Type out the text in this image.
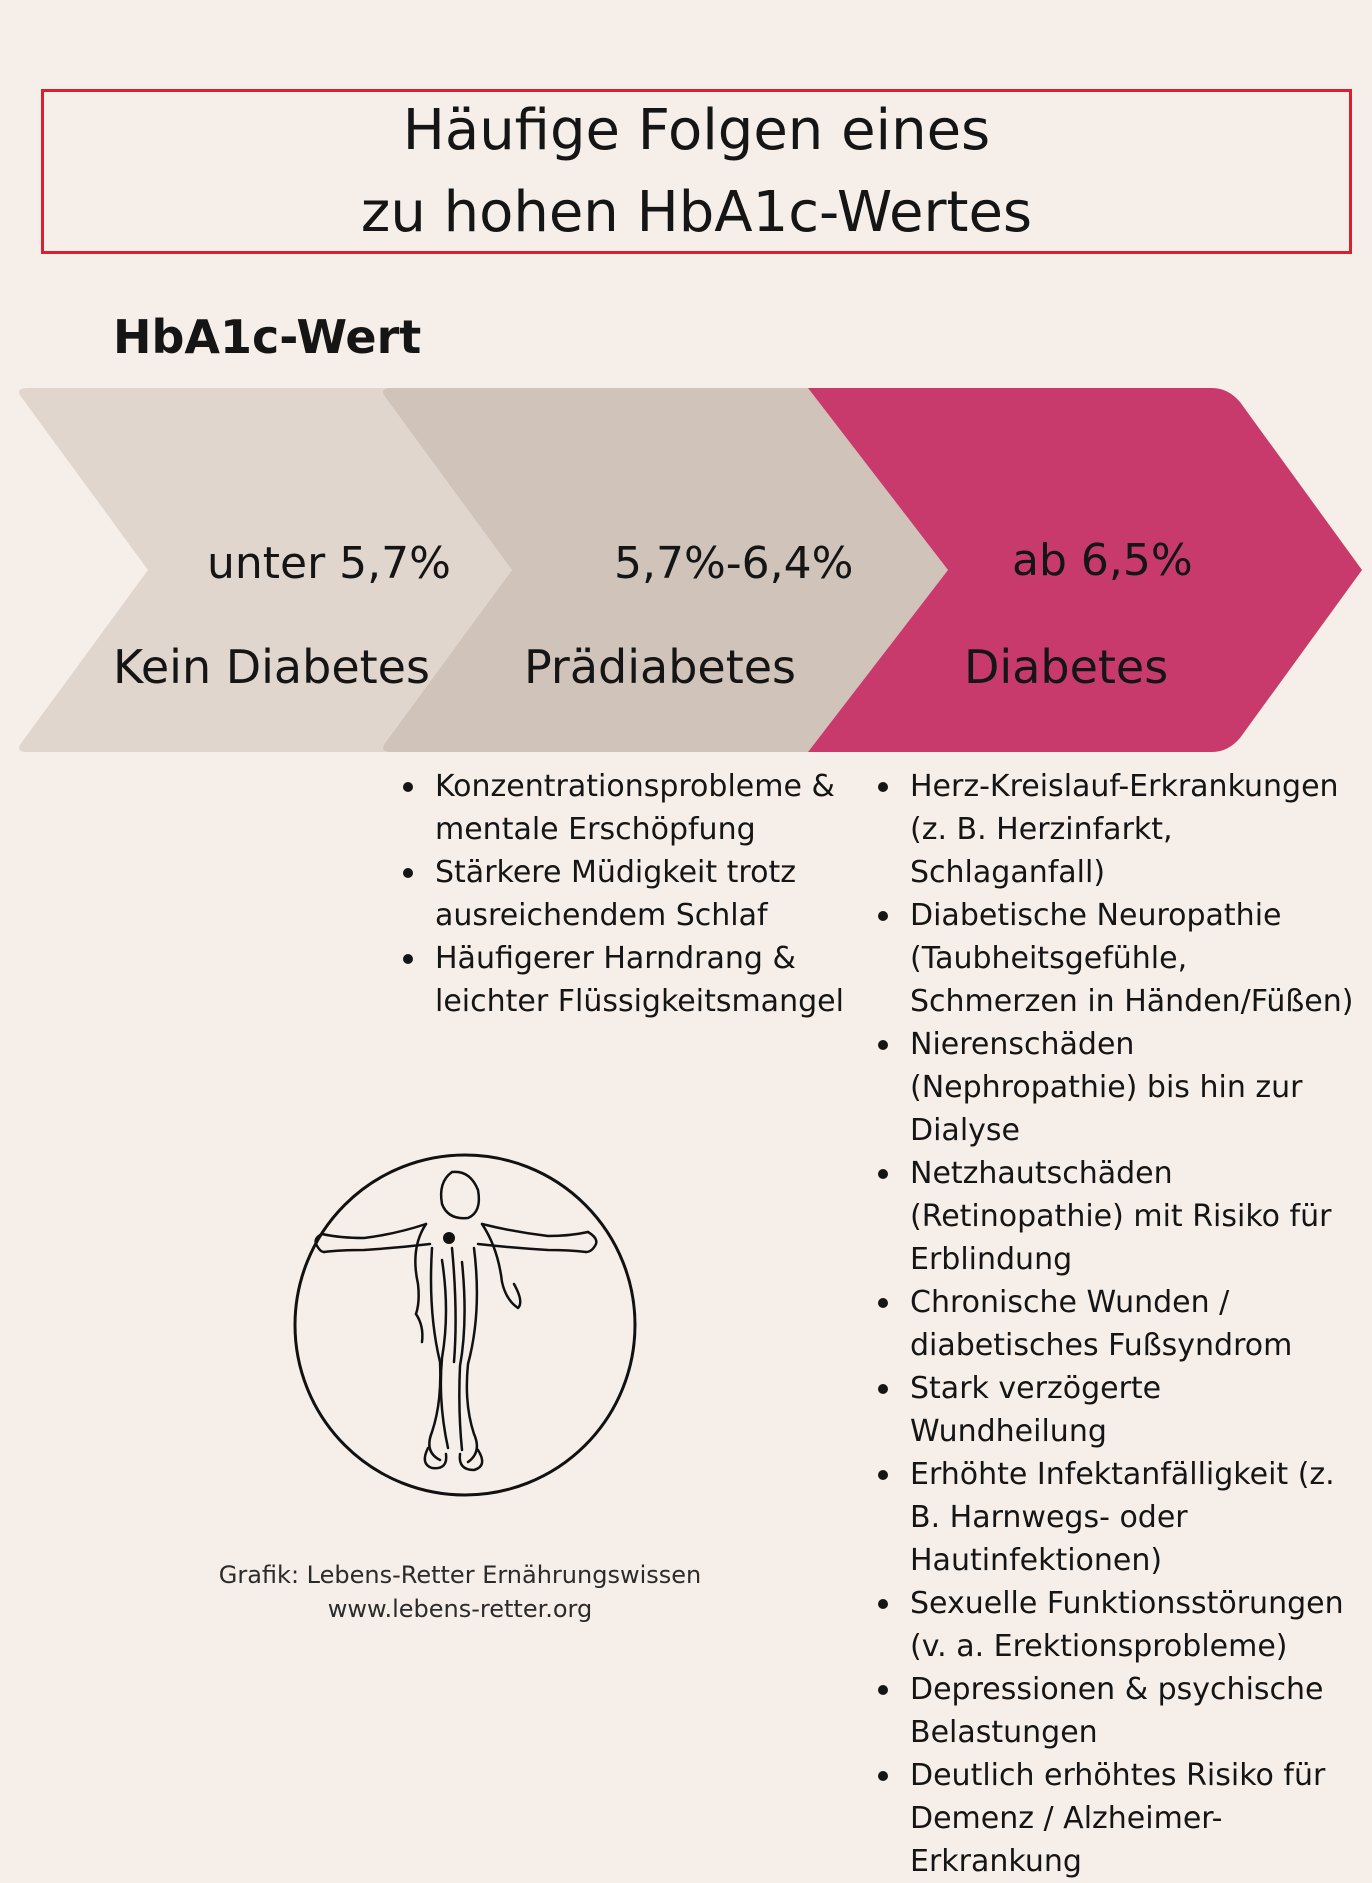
Häufige Folgen eines
zu hohen HbA1c-Wertes
HbA1c-Wert
unter 5,7%
Kein Diabetes
5,7%-6,4%
Prädiabetes
ab 6,5%
Diabetes
Konzentrationsprobleme & mentale Erschöpfung
Stärkere Müdigkeit trotz ausreichendem Schlaf
Häufigerer Harndrang & leichter Flüssigkeitsmangel
Herz-Kreislauf-Erkrankungen (z. B. Herzinfarkt, Schlaganfall)
Diabetische Neuropathie (Taubheitsgefühle, Schmerzen in Händen/Füßen)
Nierenschäden (Nephropathie) bis hin zur Dialyse
Netzhautschäden (Retinopathie) mit Risiko für Erblindung
Chronische Wunden / diabetisches Fußsyndrom
Stark verzögerte Wundheilung
Erhöhte Infektanfälligkeit (z. B. Harnwegs- oder Hautinfektionen)
Sexuelle Funktionsstörungen (v. a. Erektionsprobleme)
Depressionen & psychische Belastungen
Deutlich erhöhtes Risiko für Demenz / Alzheimer-Erkrankung
Grafik: Lebens-Retter Ernährungswissen
www.lebens-retter.org
